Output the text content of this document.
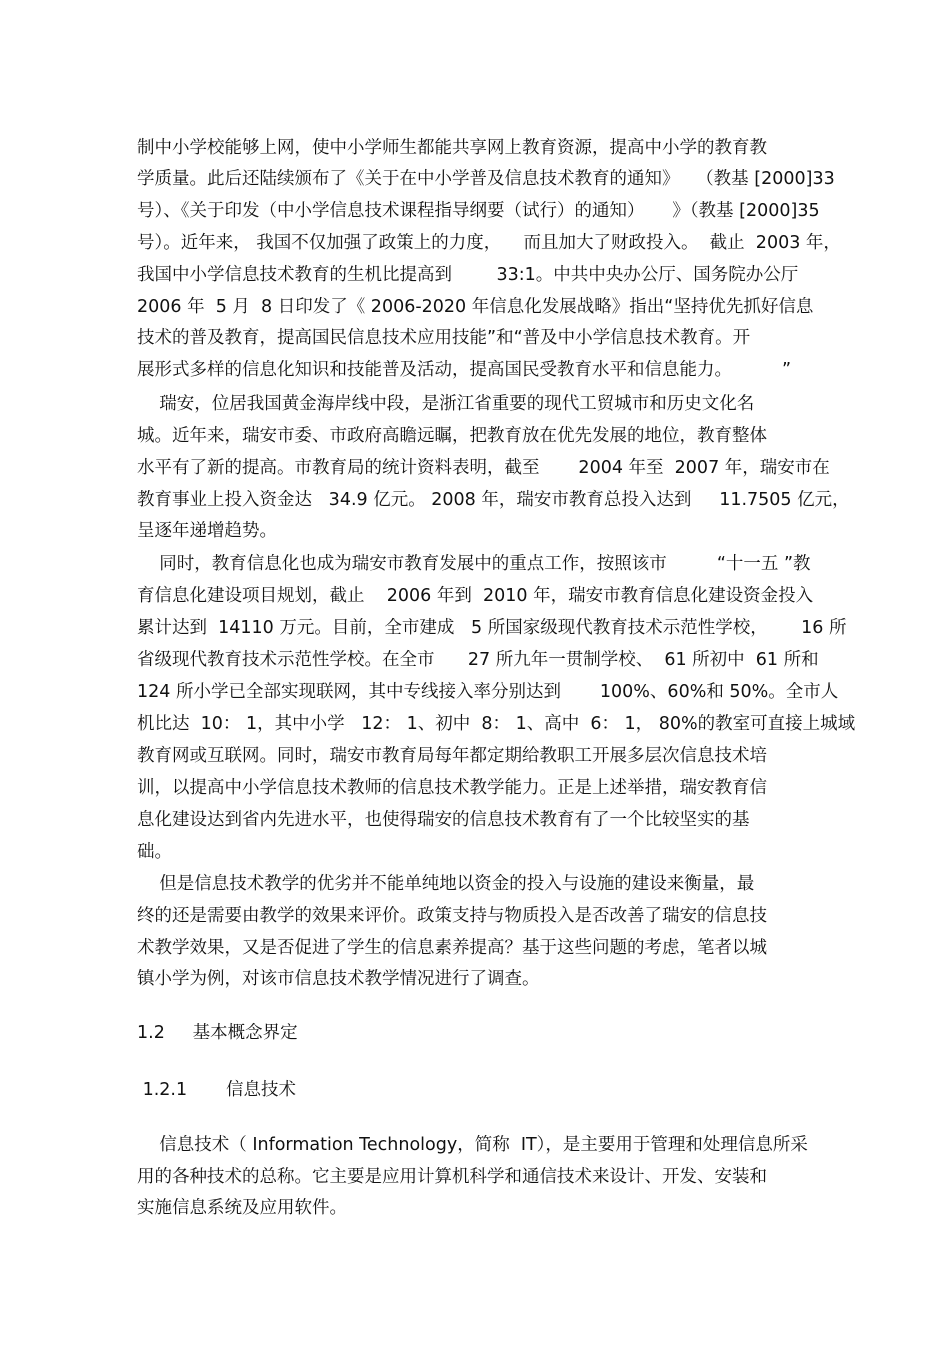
制中小学校能够上网，使中小学师生都能共享网上教育资源，提高中小学的教育教
学质量。此后还陆续颁布了《关于在中小学普及信息技术教育的通知》   （教基 [2000]33
号）、《关于印发（中小学信息技术课程指导纲要（试行）的通知）     》（教基 [2000]35
号）。近年来， 我国不仅加强了政策上的力度，    而且加大了财政投入。  截止  2003 年，
我国中小学信息技术教育的生机比提高到        33:1。中共中央办公厅、国务院办公厅
2006 年  5 月  8 日印发了《 2006-2020 年信息化发展战略》指出“坚持优先抓好信息
技术的普及教育，提高国民信息技术应用技能”和“普及中小学信息技术教育。开
展形式多样的信息化知识和技能普及活动，提高国民受教育水平和信息能力。         ”
瑞安，位居我国黄金海岸线中段，是浙江省重要的现代工贸城市和历史文化名
城。近年来，瑞安市委、市政府高瞻远瞩，把教育放在优先发展的地位，教育整体
水平有了新的提高。市教育局的统计资料表明，截至       2004 年至  2007 年，瑞安市在
教育事业上投入资金达   34.9 亿元。 2008 年，瑞安市教育总投入达到     11.7505 亿元，
呈逐年递增趋势。
同时，教育信息化也成为瑞安市教育发展中的重点工作，按照该市         “十一五 ”教
育信息化建设项目规划，截止    2006 年到  2010 年，瑞安市教育信息化建设资金投入
累计达到  14110 万元。目前，全市建成   5 所国家级现代教育技术示范性学校，      16 所
省级现代教育技术示范性学校。在全市      27 所九年一贯制学校、  61 所初中  61 所和
124 所小学已全部实现联网，其中专线接入率分别达到       100%、60%和 50%。全市人
机比达  10： 1，其中小学   12： 1、初中  8： 1、高中  6： 1， 80%的教室可直接上城域
教育网或互联网。同时，瑞安市教育局每年都定期给教职工开展多层次信息技术培
训，以提高中小学信息技术教师的信息技术教学能力。正是上述举措，瑞安教育信
息化建设达到省内先进水平，也使得瑞安的信息技术教育有了一个比较坚实的基
础。
但是信息技术教学的优劣并不能单纯地以资金的投入与设施的建设来衡量，最
终的还是需要由教学的效果来评价。政策支持与物质投入是否改善了瑞安的信息技
术教学效果，又是否促进了学生的信息素养提高？基于这些问题的考虑，笔者以城
镇小学为例，对该市信息技术教学情况进行了调查。
1.2     基本概念界定
1.2.1       信息技术
信息技术（ Information Technology，简称  IT），是主要用于管理和处理信息所采
用的各种技术的总称。它主要是应用计算机科学和通信技术来设计、开发、安装和
实施信息系统及应用软件。
